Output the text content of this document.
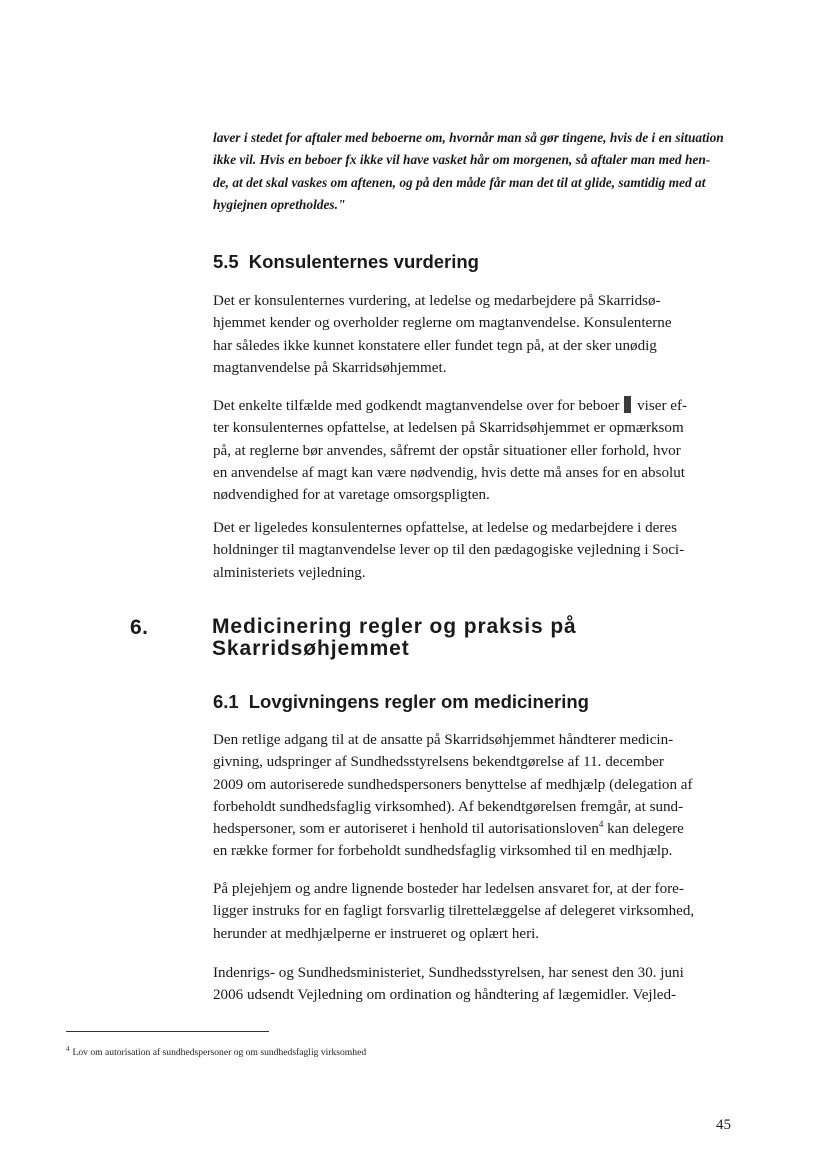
laver i stedet for aftaler med beboerne om, hvornår man så gør tingene, hvis de i en situation
ikke vil. Hvis en beboer fx ikke vil have vasket hår om morgenen, så aftaler man med hen-
de, at det skal vaskes om aftenen, og på den måde får man det til at glide, samtidig med at
hygiejnen opretholdes."
5.5 Konsulenternes vurdering
Det er konsulenternes vurdering, at ledelse og medarbejdere på Skarridsø-
hjemmet kender og overholder reglerne om magtanvendelse. Konsulenterne
har således ikke kunnet konstatere eller fundet tegn på, at der sker unødig
magtanvendelse på Skarridsøhjemmet.
Det enkelte tilfælde med godkendt magtanvendelse over for beboer viser ef-
ter konsulenternes opfattelse, at ledelsen på Skarridsøhjemmet er opmærksom
på, at reglerne bør anvendes, såfremt der opstår situationer eller forhold, hvor
en anvendelse af magt kan være nødvendig, hvis dette må anses for en absolut
nødvendighed for at varetage omsorgspligten.
Det er ligeledes konsulenternes opfattelse, at ledelse og medarbejdere i deres
holdninger til magtanvendelse lever op til den pædagogiske vejledning i Soci-
alministeriets vejledning.
6.	Medicinering regler og praksis på
Skarridsøhjemmet
6.1 Lovgivningens regler om medicinering
Den retlige adgang til at de ansatte på Skarridsøhjemmet håndterer medicin-
givning, udspringer af Sundhedsstyrelsens bekendtgørelse af 11. december
2009 om autoriserede sundhedspersoners benyttelse af medhjælp (delegation af
forbeholdt sundhedsfaglig virksomhed). Af bekendtgørelsen fremgår, at sund-
hedspersoner, som er autoriseret i henhold til autorisationsloven$^4$ kan delegere
en række former for forbeholdt sundhedsfaglig virksomhed til en medhjælp.
På plejehjem og andre lignende bosteder har ledelsen ansvaret for, at der fore-
ligger instruks for en fagligt forsvarlig tilrettelæggelse af delegeret virksomhed,
herunder at medhjælperne er instrueret og oplært heri.
Indenrigs- og Sundhedsministeriet, Sundhedsstyrelsen, har senest den 30. juni
2006 udsendt Vejledning om ordination og håndtering af lægemidler. Vejled-
$^4$ Lov om autorisation af sundhedspersoner og om sundhedsfaglig virksomhed
45
